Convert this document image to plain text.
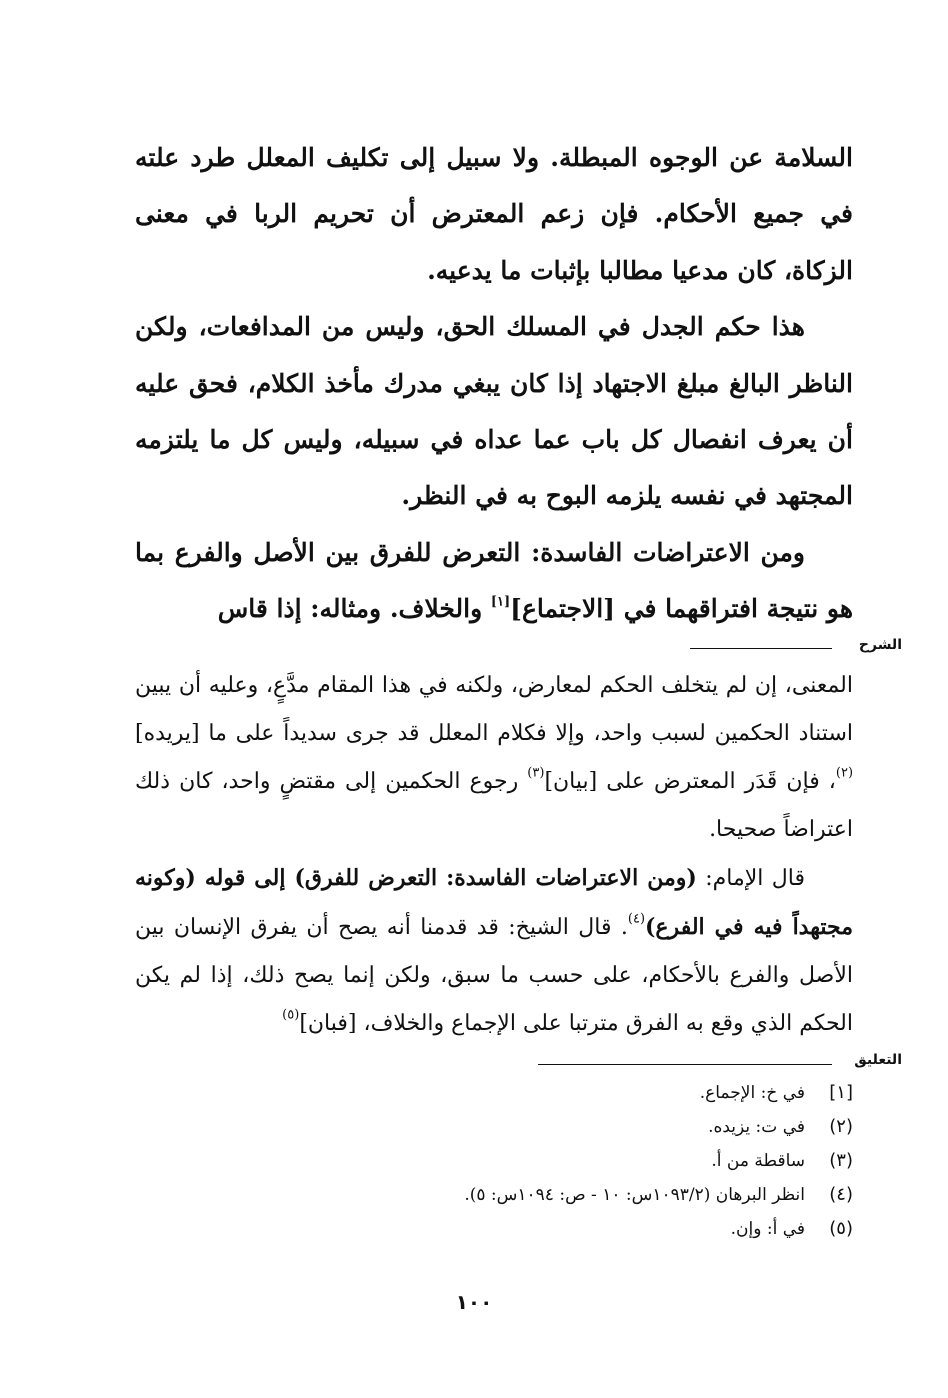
السلامة عن الوجوه المبطلة. ولا سبيل إلى تكليف المعلل طرد علته في جميع الأحكام. فإن زعم المعترض أن تحريم الربا في معنى الزكاة، كان مدعيا مطالبا بإثبات ما يدعيه.

هذا حكم الجدل في المسلك الحق، وليس من المدافعات، ولكن الناظر البالغ مبلغ الاجتهاد إذا كان يبغي مدرك مأخذ الكلام، فحق عليه أن يعرف انفصال كل باب عما عداه في سبيله، وليس كل ما يلتزمه المجتهد في نفسه يلزمه البوح به في النظر.

ومن الاعتراضات الفاسدة: التعرض للفرق بين الأصل والفرع بما هو نتيجة افتراقهما في [الاجتماع][١] والخلاف. ومثاله: إذا قاس

الشرح

المعنى، إن لم يتخلف الحكم لمعارض، ولكنه في هذا المقام مدَّعٍ، وعليه أن يبين استناد الحكمين لسبب واحد، وإلا فكلام المعلل قد جرى سديداً على ما [يريده]$^{(٢)}$، فإن قَدَر المعترض على [بيان]$^{(٣)}$ رجوع الحكمين إلى مقتضٍ واحد، كان ذلك اعتراضاً صحيحا.

قال الإمام: (ومن الاعتراضات الفاسدة: التعرض للفرق) إلى قوله (وكونه مجتهداً فيه في الفرع)$^{(٤)}$. قال الشيخ: قد قدمنا أنه يصح أن يفرق الإنسان بين الأصل والفرع بالأحكام، على حسب ما سبق، ولكن إنما يصح ذلك، إذا لم يكن الحكم الذي وقع به الفرق مترتبا على الإجماع والخلاف، [فبان]$^{(٥)}$

التعليق
[١]
في خ: الإجماع.
(٢)
في ت: يزيده.
(٣)
ساقطة من أ.
(٤)
انظر البرهان (١٠٩٣/٢س: ١٠ - ص: ١٠٩٤س: ٥).
(٥)
في أ: وإن.
١٠٠
